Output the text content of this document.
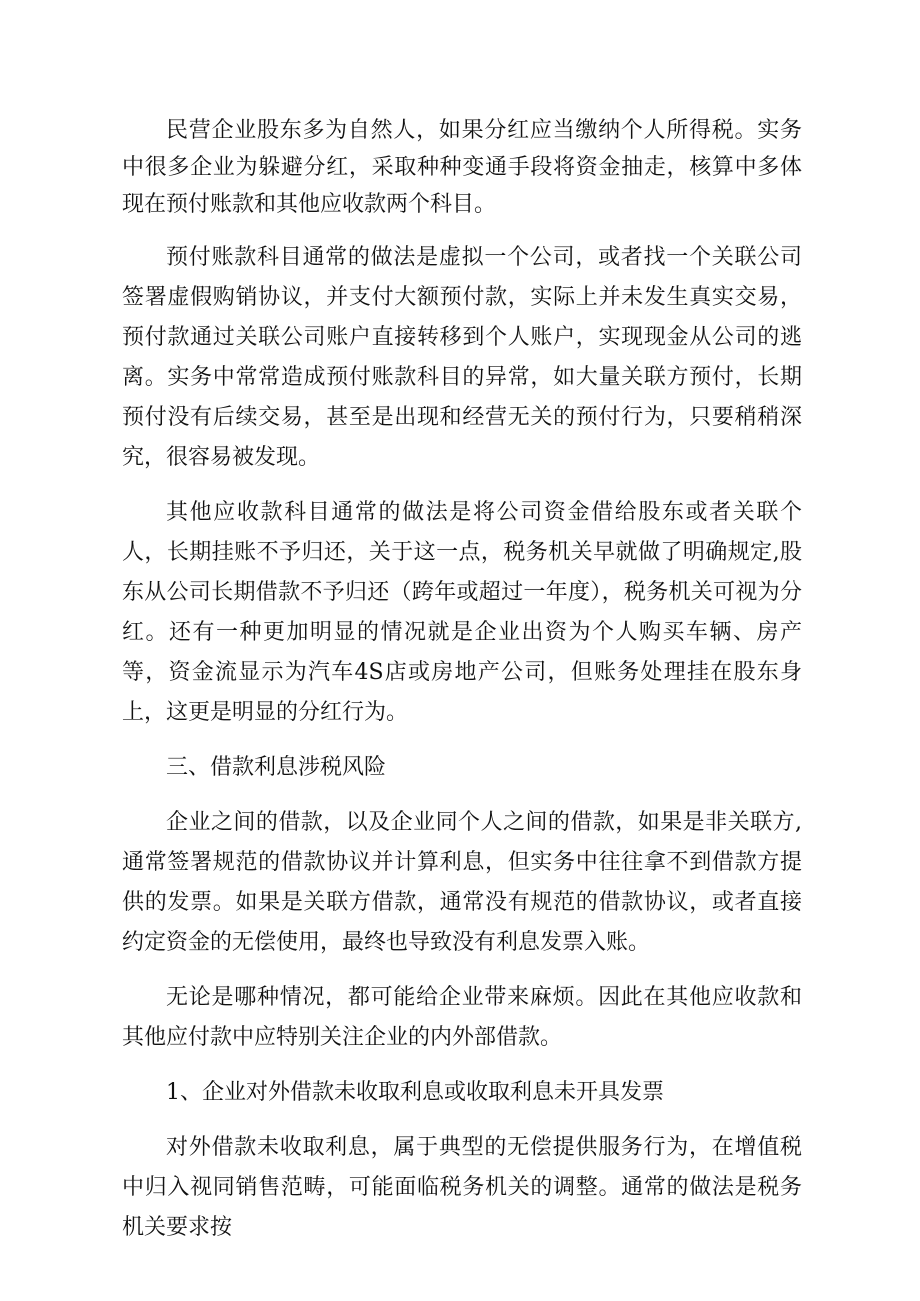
民营企业股东多为自然人，如果分红应当缴纳个人所得税。实务中很多企业为躲避分红，采取种种变通手段将资金抽走，核算中多体现在预付账款和其他应收款两个科目。

预付账款科目通常的做法是虚拟一个公司，或者找一个关联公司签署虚假购销协议，并支付大额预付款，实际上并未发生真实交易，预付款通过关联公司账户直接转移到个人账户，实现现金从公司的逃离。实务中常常造成预付账款科目的异常，如大量关联方预付，长期预付没有后续交易，甚至是出现和经营无关的预付行为，只要稍稍深究，很容易被发现。

其他应收款科目通常的做法是将公司资金借给股东或者关联个人，长期挂账不予归还，关于这一点，税务机关早就做了明确规定,股东从公司长期借款不予归还（跨年或超过一年度），税务机关可视为分红。还有一种更加明显的情况就是企业出资为个人购买车辆、房产等，资金流显示为汽车4S店或房地产公司，但账务处理挂在股东身上，这更是明显的分红行为。

三、借款利息涉税风险

企业之间的借款，以及企业同个人之间的借款，如果是非关联方,通常签署规范的借款协议并计算利息，但实务中往往拿不到借款方提供的发票。如果是关联方借款，通常没有规范的借款协议，或者直接约定资金的无偿使用，最终也导致没有利息发票入账。

无论是哪种情况，都可能给企业带来麻烦。因此在其他应收款和其他应付款中应特别关注企业的内外部借款。

1、企业对外借款未收取利息或收取利息未开具发票

对外借款未收取利息，属于典型的无偿提供服务行为，在增值税中归入视同销售范畴，可能面临税务机关的调整。通常的做法是税务机关要求按
